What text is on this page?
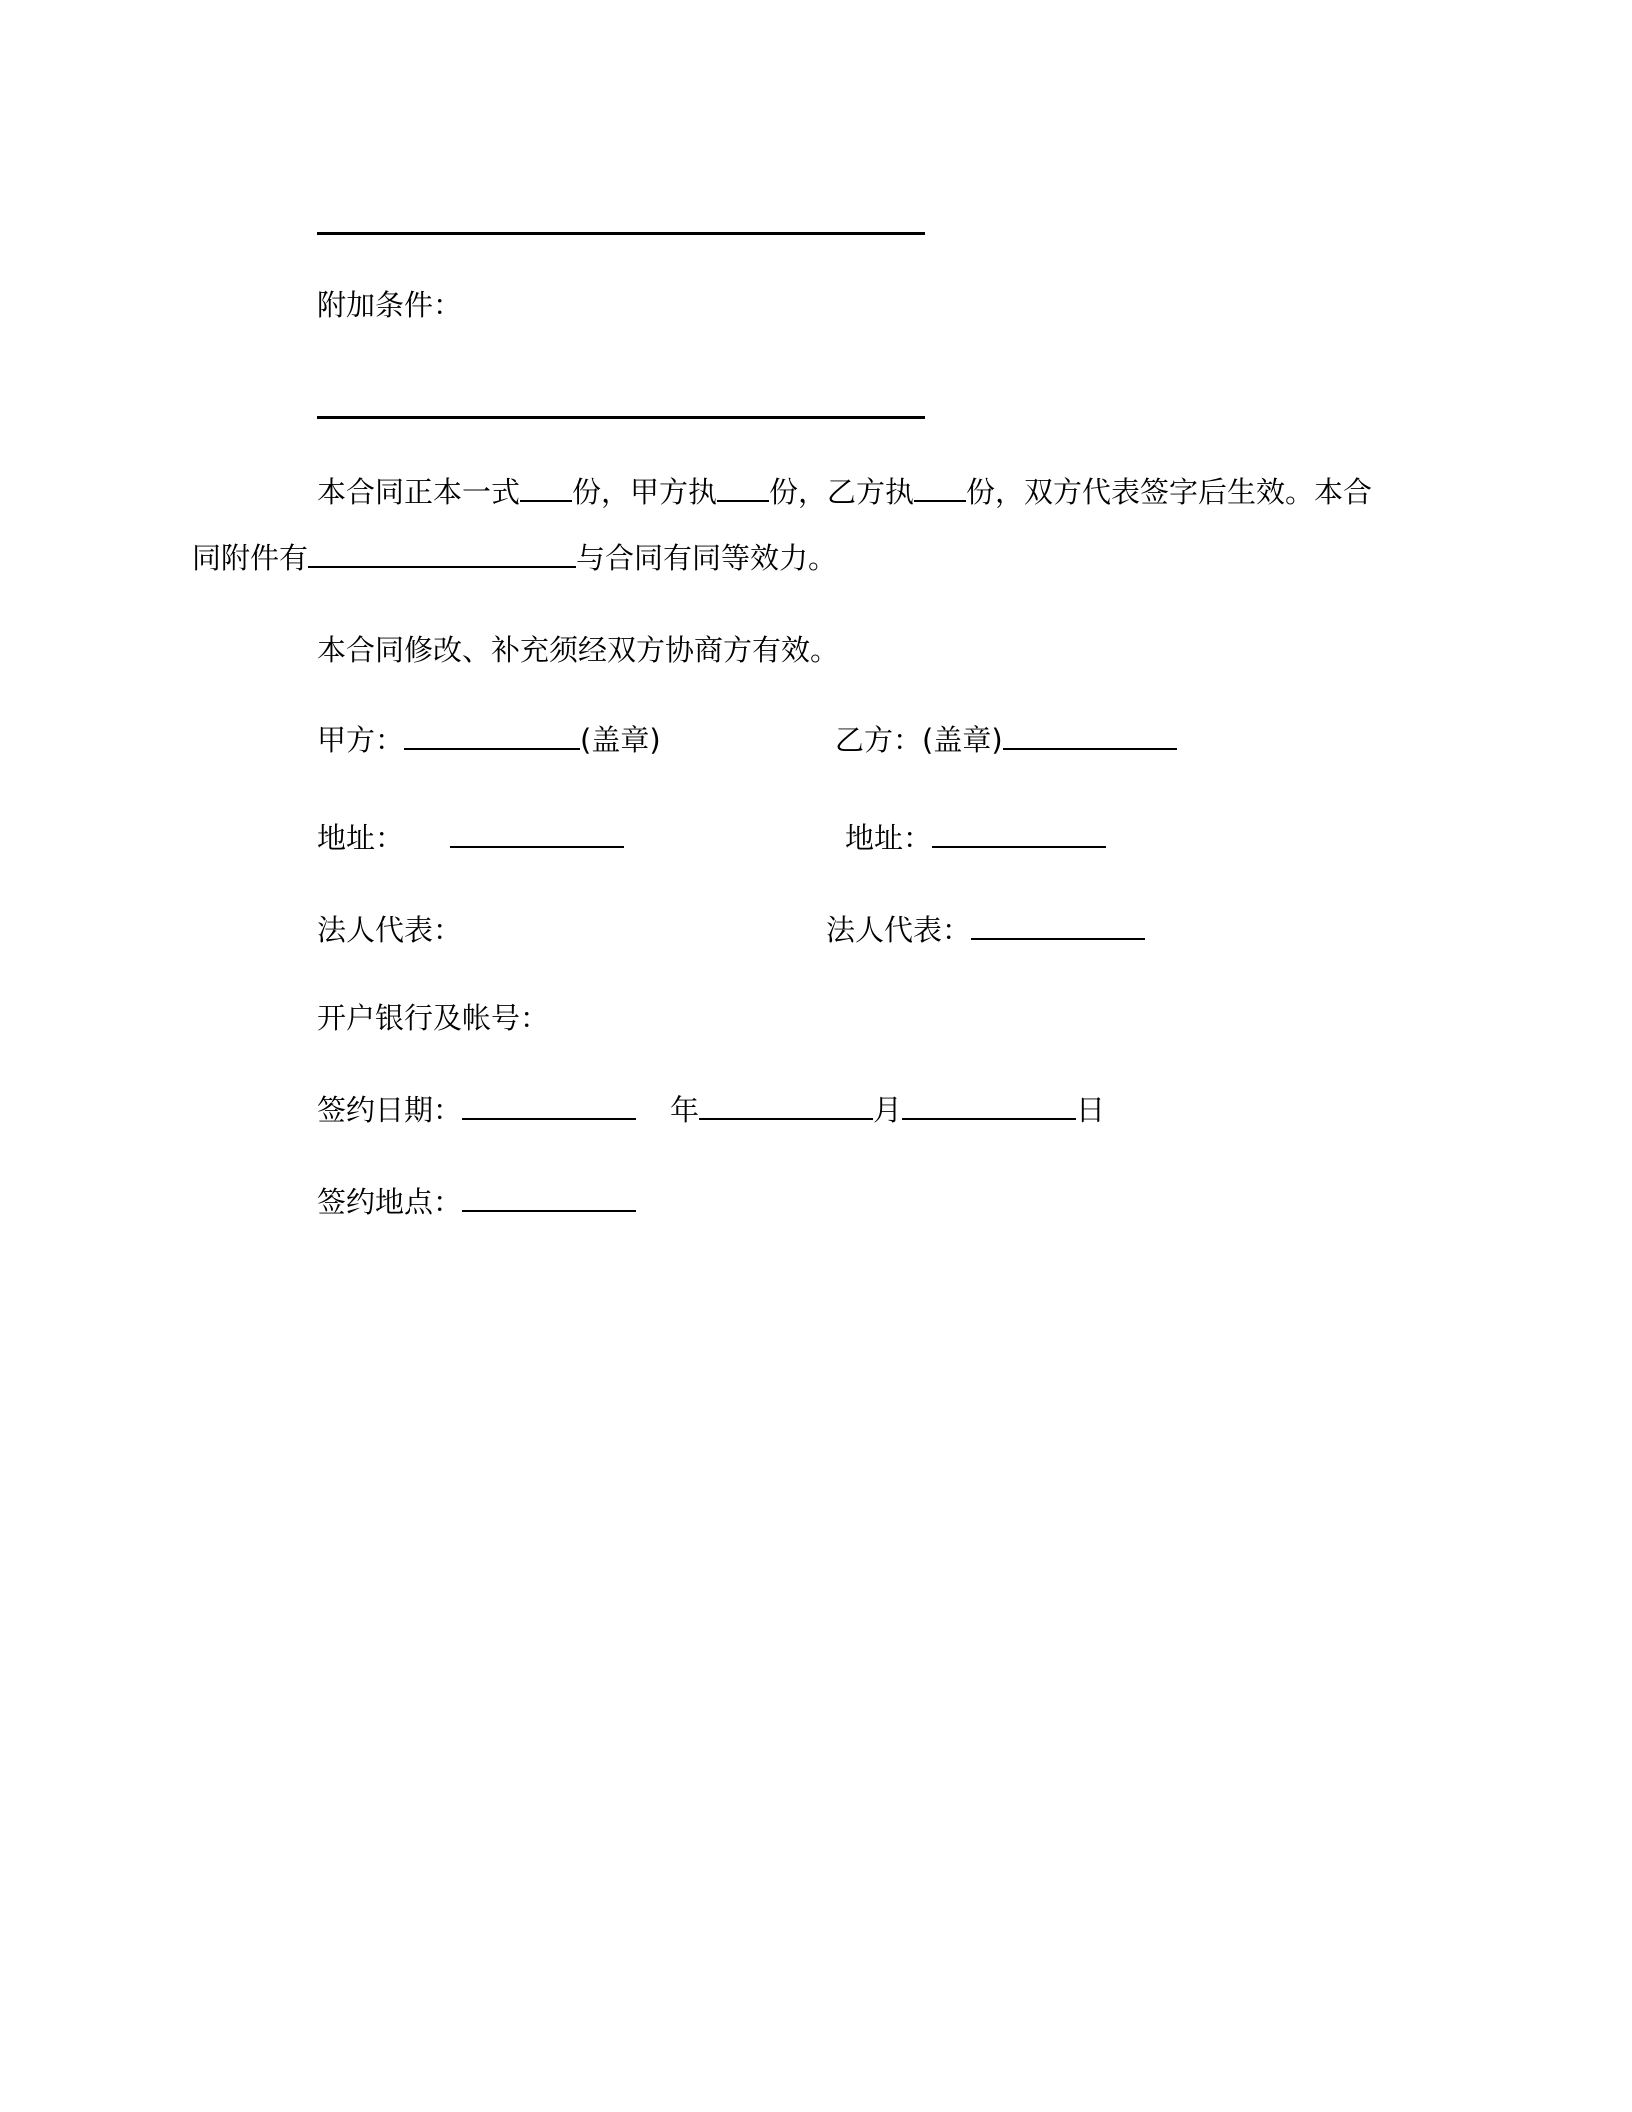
附加条件：
本合同正本一式 份，甲方执 份，乙方执 份，双方代表签字后生效。本合
同附件有	与合同有同等效力。
本合同修改、补充须经双方协商方有效。
甲方：	(盖章)	乙方：(盖章)
地址：	地址：
法人代表：	法人代表：
开户银行及帐号：
签约日期：	年	月	日
签约地点：
